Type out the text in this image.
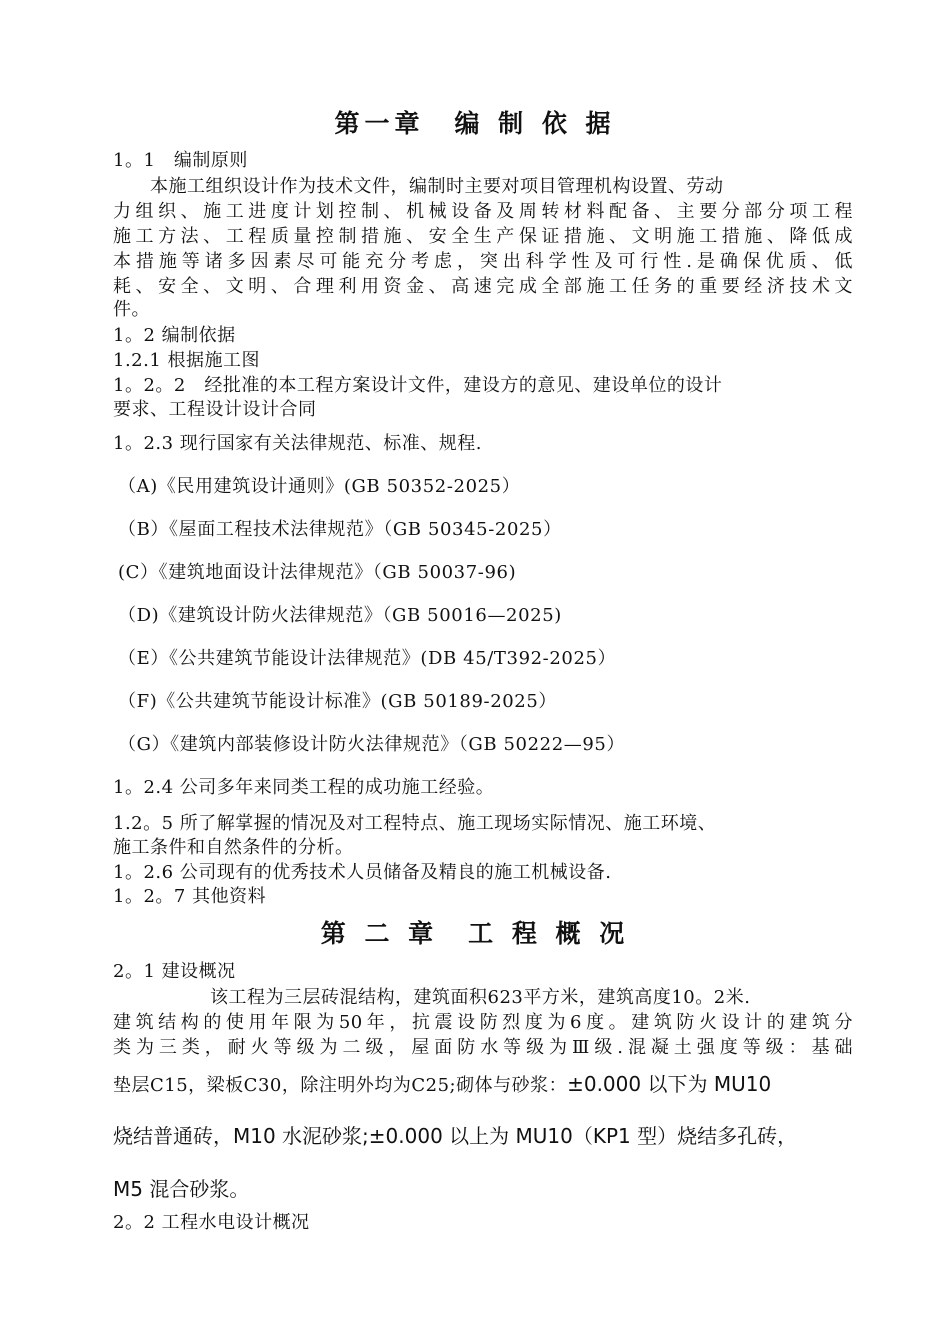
第一章　编 制 依 据
1。1　编制原则
本施工组织设计作为技术文件，编制时主要对项目管理机构设置、劳动
力组织、施工进度计划控制、机械设备及周转材料配备、主要分部分项工程
施工方法、工程质量控制措施、安全生产保证措施、文明施工措施、降低成
本措施等诸多因素尽可能充分考虑，突出科学性及可行性.是确保优质、低
耗、安全、文明、合理利用资金、高速完成全部施工任务的重要经济技术文
件。
1。2 编制依据
1.2.1 根据施工图
1。2。2　经批准的本工程方案设计文件，建设方的意见、建设单位的设计
要求、工程设计设计合同
1。2.3 现行国家有关法律规范、标准、规程.
（A)《民用建筑设计通则》(GB 50352-2025）
（B）《屋面工程技术法律规范》（GB 50345-2025）
(C）《建筑地面设计法律规范》（GB 50037-96)
（D)《建筑设计防火法律规范》（GB 50016—2025)
（E）《公共建筑节能设计法律规范》(DB 45/T392-2025）
（F)《公共建筑节能设计标准》(GB 50189-2025）
（G）《建筑内部装修设计防火法律规范》（GB 50222—95）
1。2.4 公司多年来同类工程的成功施工经验。
1.2。5 所了解掌握的情况及对工程特点、施工现场实际情况、施工环境、
施工条件和自然条件的分析。
1。2.6 公司现有的优秀技术人员储备及精良的施工机械设备.
1。2。7 其他资料
第 二 章　工 程 概 况
2。1 建设概况
该工程为三层砖混结构，建筑面积623平方米，建筑高度10。2米.
建筑结构的使用年限为50年，抗震设防烈度为6度。建筑防火设计的建筑分
类为三类，耐火等级为二级，屋面防水等级为Ⅲ级.混凝土强度等级：基础
垫层C15，梁板C30，除注明外均为C25;砌体与砂浆：±0.000 以下为 MU10
烧结普通砖，M10 水泥砂浆;±0.000 以上为 MU10（KP1 型）烧结多孔砖，
M5 混合砂浆。
2。2 工程水电设计概况
